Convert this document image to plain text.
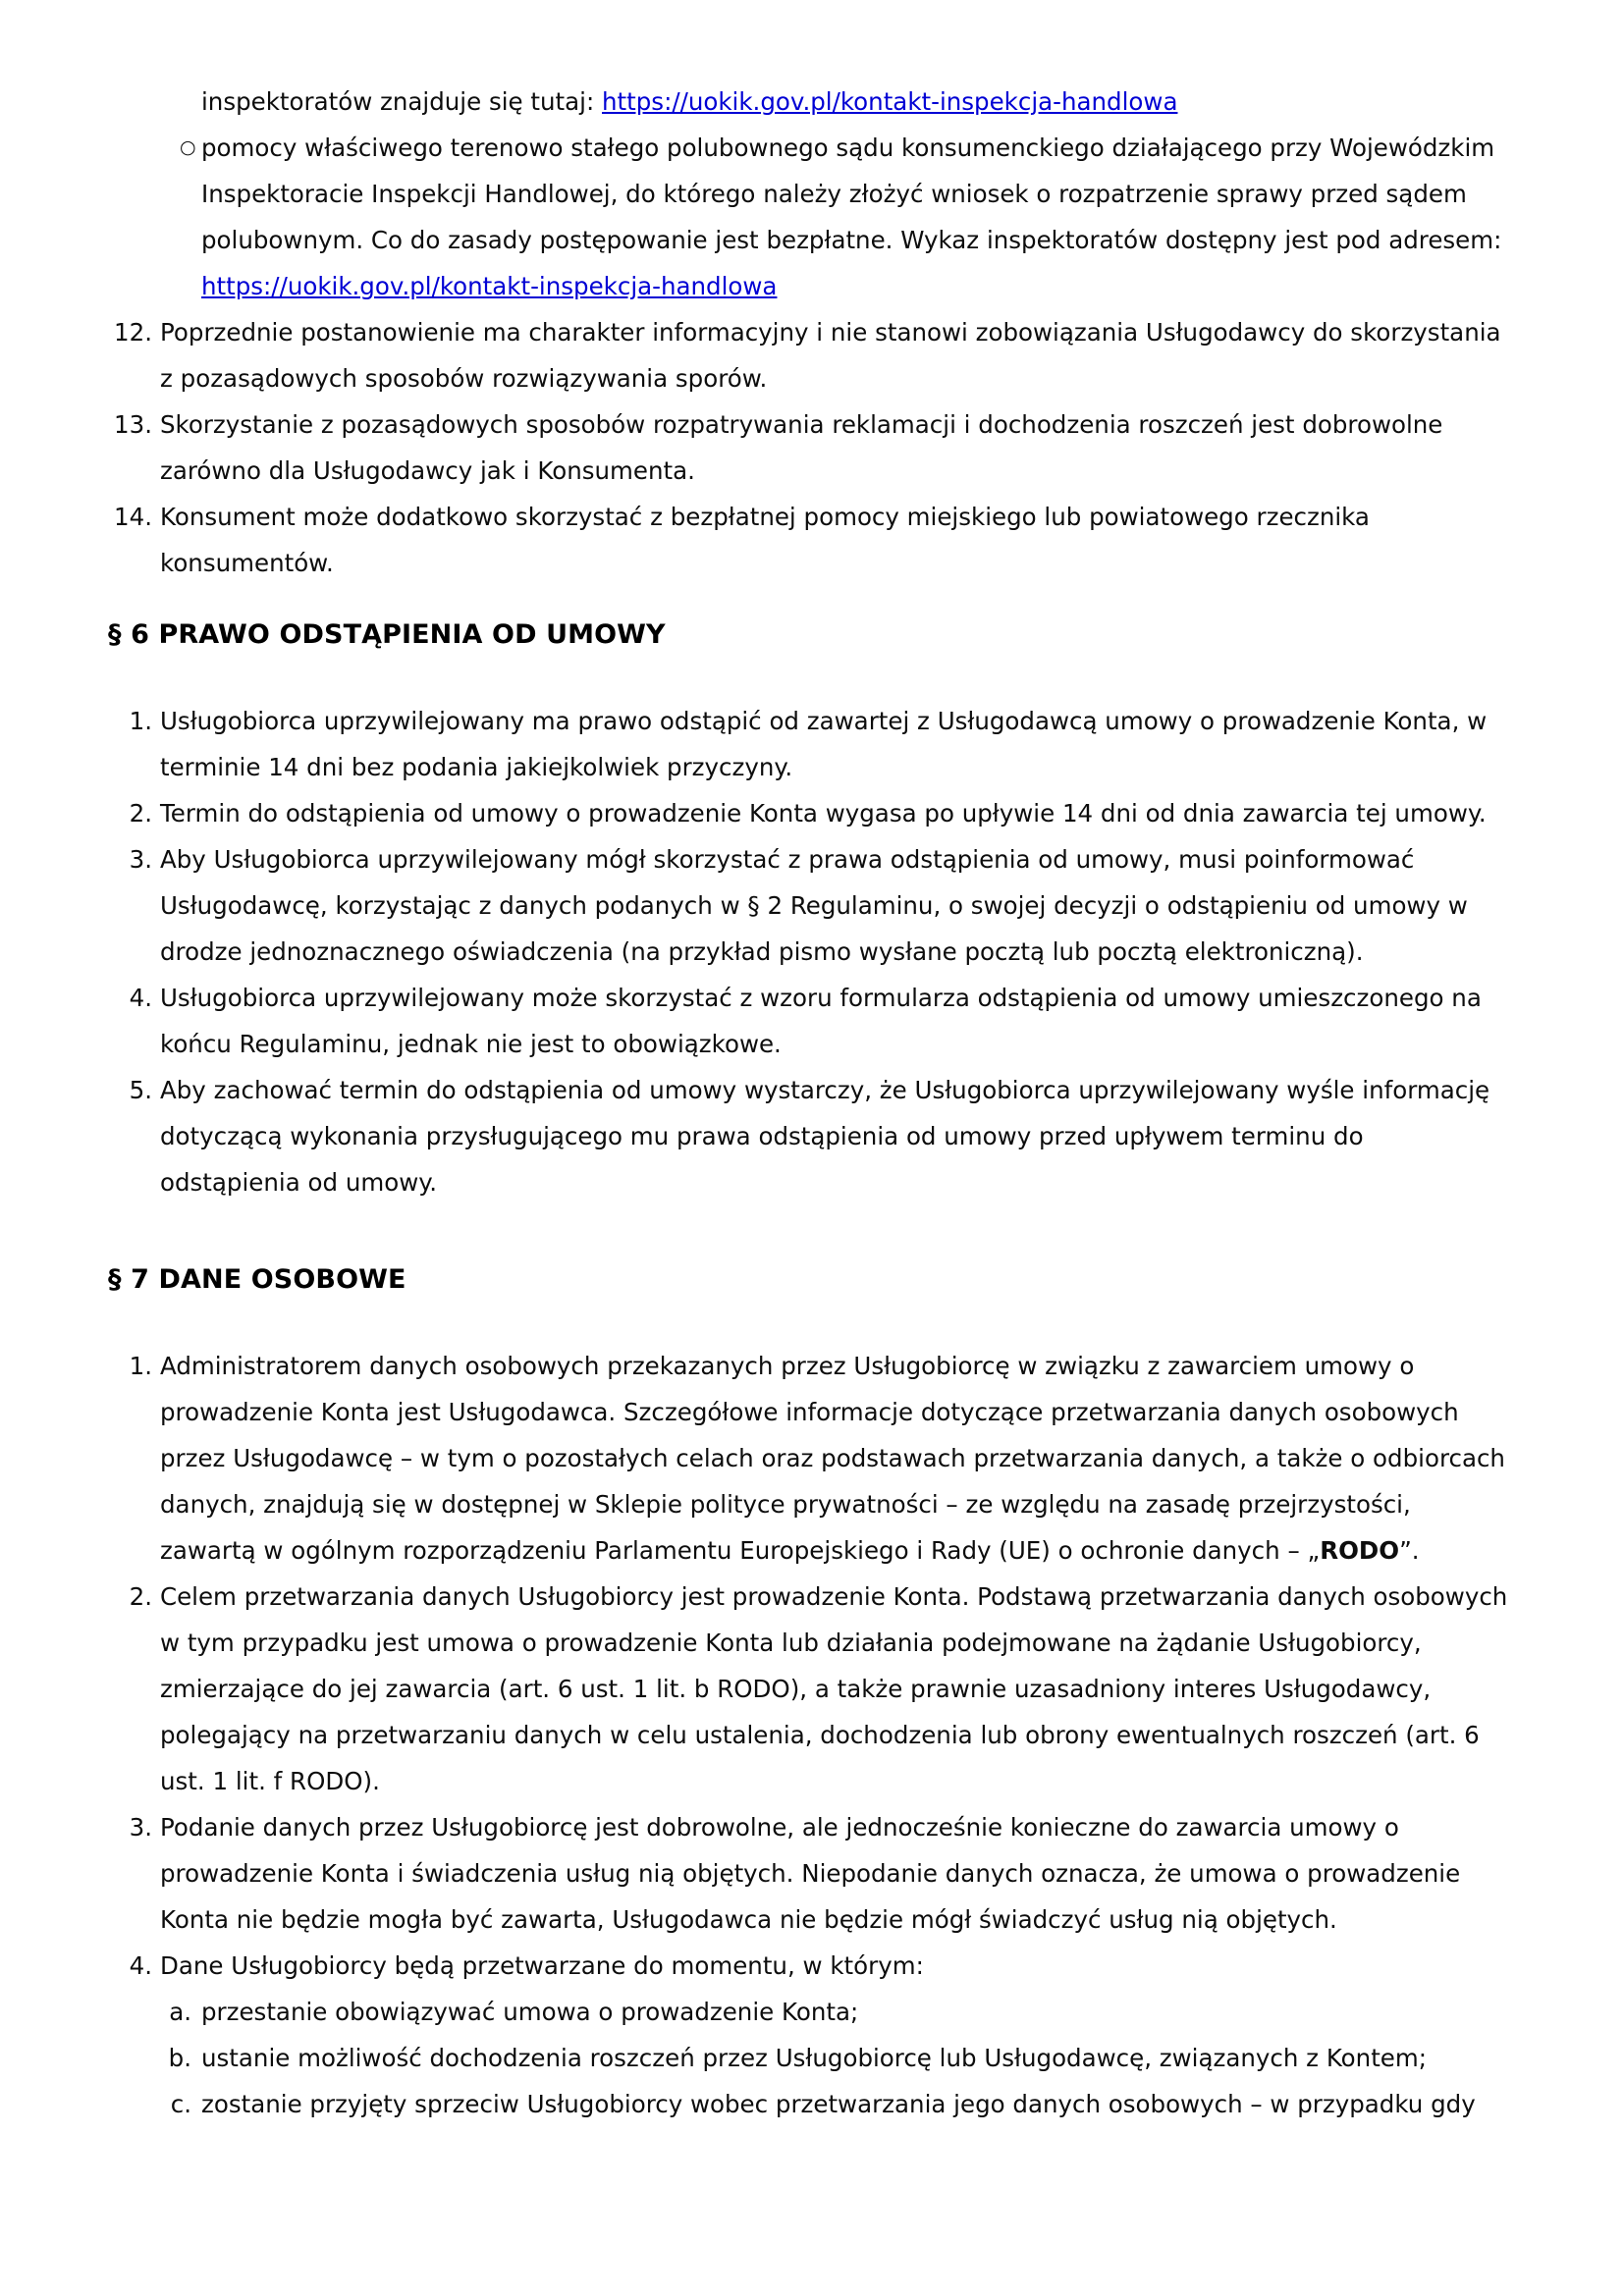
inspektoratów znajduje się tutaj: https://uokik.gov.pl/kontakt-inspekcja-handlowa
○ pomocy właściwego terenowo stałego polubownego sądu konsumenckiego działającego przy Wojewódzkim Inspektoracie Inspekcji Handlowej, do którego należy złożyć wniosek o rozpatrzenie sprawy przed sądem polubownym. Co do zasady postępowanie jest bezpłatne. Wykaz inspektoratów dostępny jest pod adresem: https://uokik.gov.pl/kontakt-inspekcja-handlowa
12. Poprzednie postanowienie ma charakter informacyjny i nie stanowi zobowiązania Usługodawcy do skorzystania z pozasądowych sposobów rozwiązywania sporów.
13. Skorzystanie z pozasądowych sposobów rozpatrywania reklamacji i dochodzenia roszczeń jest dobrowolne zarówno dla Usługodawcy jak i Konsumenta.
14. Konsument może dodatkowo skorzystać z bezpłatnej pomocy miejskiego lub powiatowego rzecznika konsumentów.
§ 6 PRAWO ODSTĄPIENIA OD UMOWY
1. Usługobiorca uprzywilejowany ma prawo odstąpić od zawartej z Usługodawcą umowy o prowadzenie Konta, w terminie 14 dni bez podania jakiejkolwiek przyczyny.
2. Termin do odstąpienia od umowy o prowadzenie Konta wygasa po upływie 14 dni od dnia zawarcia tej umowy.
3. Aby Usługobiorca uprzywilejowany mógł skorzystać z prawa odstąpienia od umowy, musi poinformować Usługodawcę, korzystając z danych podanych w § 2 Regulaminu, o swojej decyzji o odstąpieniu od umowy w drodze jednoznacznego oświadczenia (na przykład pismo wysłane pocztą lub pocztą elektroniczną).
4. Usługobiorca uprzywilejowany może skorzystać z wzoru formularza odstąpienia od umowy umieszczonego na końcu Regulaminu, jednak nie jest to obowiązkowe.
5. Aby zachować termin do odstąpienia od umowy wystarczy, że Usługobiorca uprzywilejowany wyśle informację dotyczącą wykonania przysługującego mu prawa odstąpienia od umowy przed upływem terminu do odstąpienia od umowy.
§ 7 DANE OSOBOWE
1. Administratorem danych osobowych przekazanych przez Usługobiorcę w związku z zawarciem umowy o prowadzenie Konta jest Usługodawca. Szczegółowe informacje dotyczące przetwarzania danych osobowych przez Usługodawcę – w tym o pozostałych celach oraz podstawach przetwarzania danych, a także o odbiorcach danych, znajdują się w dostępnej w Sklepie polityce prywatności – ze względu na zasadę przejrzystości, zawartą w ogólnym rozporządzeniu Parlamentu Europejskiego i Rady (UE) o ochronie danych – „RODO”.
2. Celem przetwarzania danych Usługobiorcy jest prowadzenie Konta. Podstawą przetwarzania danych osobowych w tym przypadku jest umowa o prowadzenie Konta lub działania podejmowane na żądanie Usługobiorcy, zmierzające do jej zawarcia (art. 6 ust. 1 lit. b RODO), a także prawnie uzasadniony interes Usługodawcy, polegający na przetwarzaniu danych w celu ustalenia, dochodzenia lub obrony ewentualnych roszczeń (art. 6 ust. 1 lit. f RODO).
3. Podanie danych przez Usługobiorcę jest dobrowolne, ale jednocześnie konieczne do zawarcia umowy o prowadzenie Konta i świadczenia usług nią objętych. Niepodanie danych oznacza, że umowa o prowadzenie Konta nie będzie mogła być zawarta, Usługodawca nie będzie mógł świadczyć usług nią objętych.
4. Dane Usługobiorcy będą przetwarzane do momentu, w którym:
a. przestanie obowiązywać umowa o prowadzenie Konta;
b. ustanie możliwość dochodzenia roszczeń przez Usługobiorcę lub Usługodawcę, związanych z Kontem;
c. zostanie przyjęty sprzeciw Usługobiorcy wobec przetwarzania jego danych osobowych – w przypadku gdy
